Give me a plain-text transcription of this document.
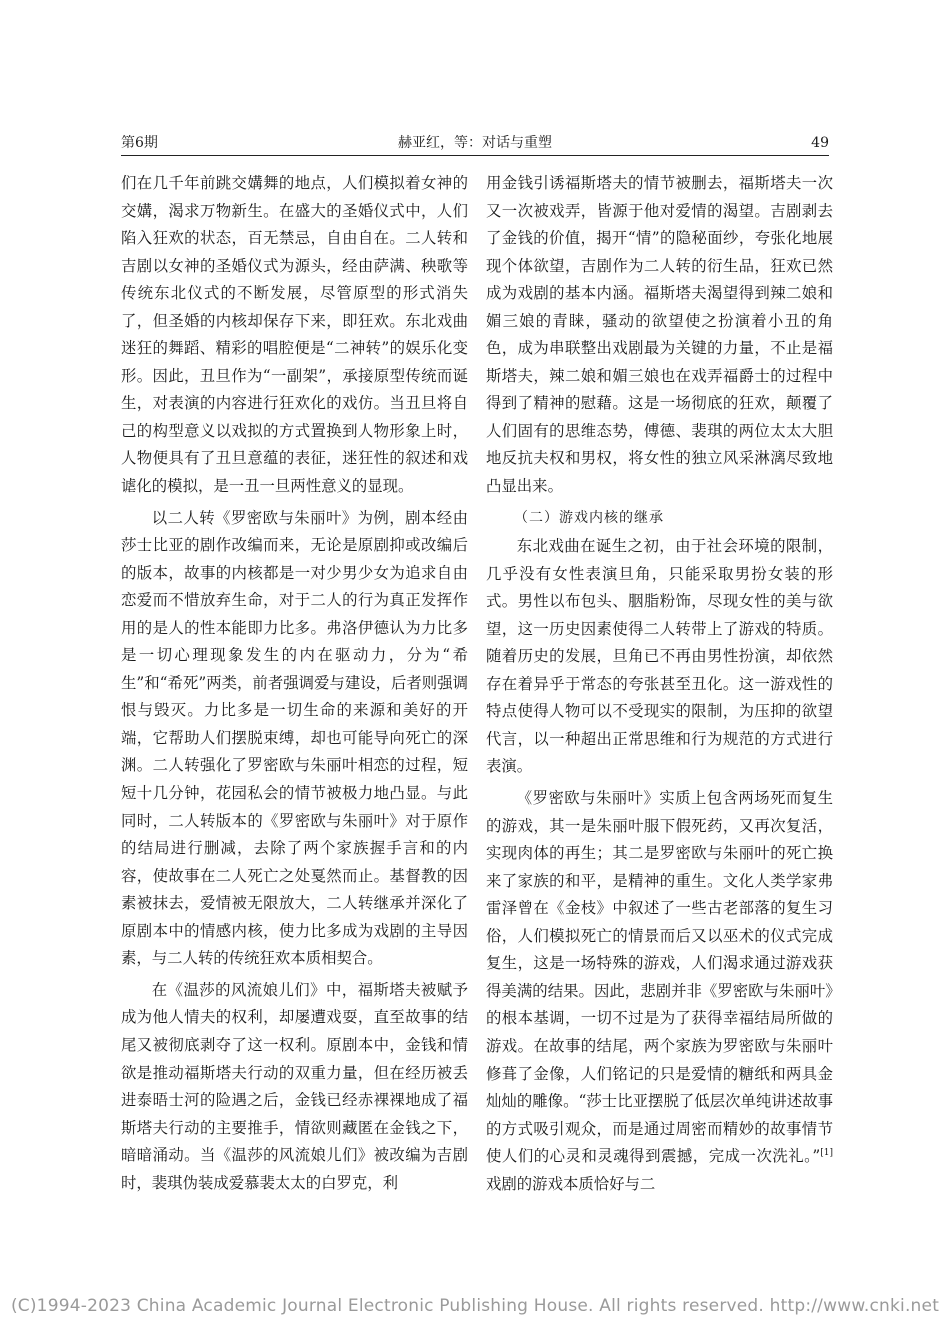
第6期	赫亚红，等：对话与重塑	49

们在几千年前跳交媾舞的地点，人们模拟着女神的交媾，渴求万物新生。在盛大的圣婚仪式中，人们陷入狂欢的状态，百无禁忌，自由自在。二人转和吉剧以女神的圣婚仪式为源头，经由萨满、秧歌等传统东北仪式的不断发展，尽管原型的形式消失了，但圣婚的内核却保存下来，即狂欢。东北戏曲迷狂的舞蹈、精彩的唱腔便是“二神转”的娱乐化变形。因此，丑旦作为“一副架”，承接原型传统而诞生，对表演的内容进行狂欢化的戏仿。当丑旦将自己的构型意义以戏拟的方式置换到人物形象上时，人物便具有了丑旦意蕴的表征，迷狂性的叙述和戏谑化的模拟，是一丑一旦两性意义的显现。

以二人转《罗密欧与朱丽叶》为例，剧本经由莎士比亚的剧作改编而来，无论是原剧抑或改编后的版本，故事的内核都是一对少男少女为追求自由恋爱而不惜放弃生命，对于二人的行为真正发挥作用的是人的性本能即力比多。弗洛伊德认为力比多是一切心理现象发生的内在驱动力，分为“希生”和“希死”两类，前者强调爱与建设，后者则强调恨与毁灭。力比多是一切生命的来源和美好的开端，它帮助人们摆脱束缚，却也可能导向死亡的深渊。二人转强化了罗密欧与朱丽叶相恋的过程，短短十几分钟，花园私会的情节被极力地凸显。与此同时，二人转版本的《罗密欧与朱丽叶》对于原作的结局进行删减，去除了两个家族握手言和的内容，使故事在二人死亡之处戛然而止。基督教的因素被抹去，爱情被无限放大，二人转继承并深化了原剧本中的情感内核，使力比多成为戏剧的主导因素，与二人转的传统狂欢本质相契合。

在《温莎的风流娘儿们》中，福斯塔夫被赋予成为他人情夫的权利，却屡遭戏耍，直至故事的结尾又被彻底剥夺了这一权利。原剧本中，金钱和情欲是推动福斯塔夫行动的双重力量，但在经历被丢进泰晤士河的险遇之后，金钱已经赤裸裸地成了福斯塔夫行动的主要推手，情欲则藏匿在金钱之下，暗暗涌动。当《温莎的风流娘儿们》被改编为吉剧时，裴琪伪装成爱慕裴太太的白罗克，利

用金钱引诱福斯塔夫的情节被删去，福斯塔夫一次又一次被戏弄，皆源于他对爱情的渴望。吉剧剥去了金钱的价值，揭开“情”的隐秘面纱，夸张化地展现个体欲望，吉剧作为二人转的衍生品，狂欢已然成为戏剧的基本内涵。福斯塔夫渴望得到辣二娘和媚三娘的青睐，骚动的欲望使之扮演着小丑的角色，成为串联整出戏剧最为关键的力量，不止是福斯塔夫，辣二娘和媚三娘也在戏弄福爵士的过程中得到了精神的慰藉。这是一场彻底的狂欢，颠覆了人们固有的思维态势，傅德、裴琪的两位太太大胆地反抗夫权和男权，将女性的独立风采淋漓尽致地凸显出来。

（二）游戏内核的继承

东北戏曲在诞生之初，由于社会环境的限制，几乎没有女性表演旦角，只能采取男扮女装的形式。男性以布包头、胭脂粉饰，尽现女性的美与欲望，这一历史因素使得二人转带上了游戏的特质。随着历史的发展，旦角已不再由男性扮演，却依然存在着异乎于常态的夸张甚至丑化。这一游戏性的特点使得人物可以不受现实的限制，为压抑的欲望代言，以一种超出正常思维和行为规范的方式进行表演。

《罗密欧与朱丽叶》实质上包含两场死而复生的游戏，其一是朱丽叶服下假死药，又再次复活，实现肉体的再生；其二是罗密欧与朱丽叶的死亡换来了家族的和平，是精神的重生。文化人类学家弗雷泽曾在《金枝》中叙述了一些古老部落的复生习俗，人们模拟死亡的情景而后又以巫术的仪式完成复生，这是一场特殊的游戏，人们渴求通过游戏获得美满的结果。因此，悲剧并非《罗密欧与朱丽叶》的根本基调，一切不过是为了获得幸福结局所做的游戏。在故事的结尾，两个家族为罗密欧与朱丽叶修葺了金像，人们铭记的只是爱情的糖纸和两具金灿灿的雕像。“莎士比亚摆脱了低层次单纯讲述故事的方式吸引观众，而是通过周密而精妙的故事情节使人们的心灵和灵魂得到震撼，完成一次洗礼。”[1]戏剧的游戏本质恰好与二

(C)1994-2023 China Academic Journal Electronic Publishing House. All rights reserved. http://www.cnki.net
